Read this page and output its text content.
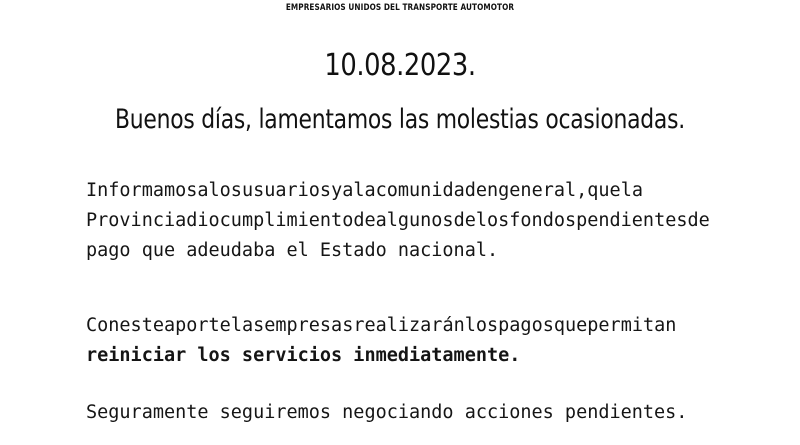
EMPRESARIOS UNIDOS DEL TRANSPORTE AUTOMOTOR
10.08.2023.
Buenos días, lamentamos las molestias ocasionadas.
Informamosalosusuariosyalacomunidadengeneral,quela
Provinciadiocumplimientodealgunosdelosfondospendientesde
pago que adeudaba el Estado nacional.
Conesteaportelasempresasrealizaránlospagosquepermitan
reiniciar los servicios inmediatamente.
Seguramente seguiremos negociando acciones pendientes.
